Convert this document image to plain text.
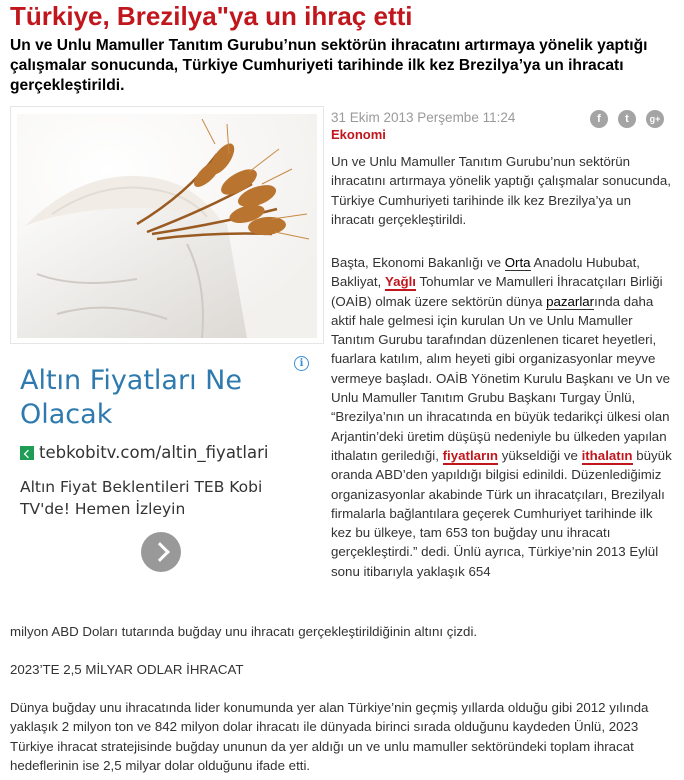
Türkiye, Brezilya"ya un ihraç etti

Un ve Unlu Mamuller Tanıtım Gurubu’nun sektörün ihracatını artırmaya yönelik yaptığı çalışmalar sonucunda, Türkiye Cumhuriyeti tarihinde ilk kez Brezilya’ya un ihracatı gerçekleştirildi.

i
Altın Fiyatları Ne Olacak
tebkobitv.com/altin_fiyatlari
Altın Fiyat Beklentileri TEB Kobi TV'de! Hemen İzleyin
31 Ekim 2013 Perşembe 11:24
Ekonomi
f	t	g+

Un ve Unlu Mamuller Tanıtım Gurubu’nun sektörün ihracatını artırmaya yönelik yaptığı çalışmalar sonucunda, Türkiye Cumhuriyeti tarihinde ilk kez Brezilya’ya un ihracatı gerçekleştirildi.

Başta, Ekonomi Bakanlığı ve Orta Anadolu Hububat, Bakliyat, Yağlı Tohumlar ve Mamulleri İhracatçıları Birliği (OAİB) olmak üzere sektörün dünya pazarlarında daha aktif hale gelmesi için kurulan Un ve Unlu Mamuller Tanıtım Gurubu tarafından düzenlenen ticaret heyetleri, fuarlara katılım, alım heyeti gibi organizasyonlar meyve vermeye başladı. OAİB Yönetim Kurulu Başkanı ve Un ve Unlu Mamuller Tanıtım Grubu Başkanı Turgay Ünlü, “Brezilya’nın un ihracatında en büyük tedarikçi ülkesi olan Arjantin’deki üretim düşüşü nedeniyle bu ülkeden yapılan ithalatın geriledıği, fiyatların yükseldiği ve ithalatın büyük oranda ABD’den yapıldığı bilgisi edinildi. Düzenlediğimiz organizasyonlar akabinde Türk un ihracatçıları, Brezilyalı firmalarla bağlantılara geçerek Cumhuriyet tarihinde ilk kez bu ülkeye, tam 653 ton buğday unu ihracatı gerçekleştirdi.” dedi. Ünlü ayrıca, Türkiye’nin 2013 Eylül sonu itibarıyla yaklaşık 654

milyon ABD Doları tutarında buğday unu ihracatı gerçekleştirildiğinin altını çizdi.

2023’TE 2,5 MİLYAR ODLAR İHRACAT

Dünya buğday unu ihracatında lider konumunda yer alan Türkiye’nin geçmiş yıllarda olduğu gibi 2012 yılında yaklaşık 2 milyon ton ve 842 milyon dolar ihracatı ile dünyada birinci sırada olduğunu kaydeden Ünlü, 2023 Türkiye ihracat stratejisinde buğday ununun da yer aldığı un ve unlu mamuller sektöründeki toplam ihracat hedeflerinin ise 2,5 milyar dolar olduğunu ifade etti.
